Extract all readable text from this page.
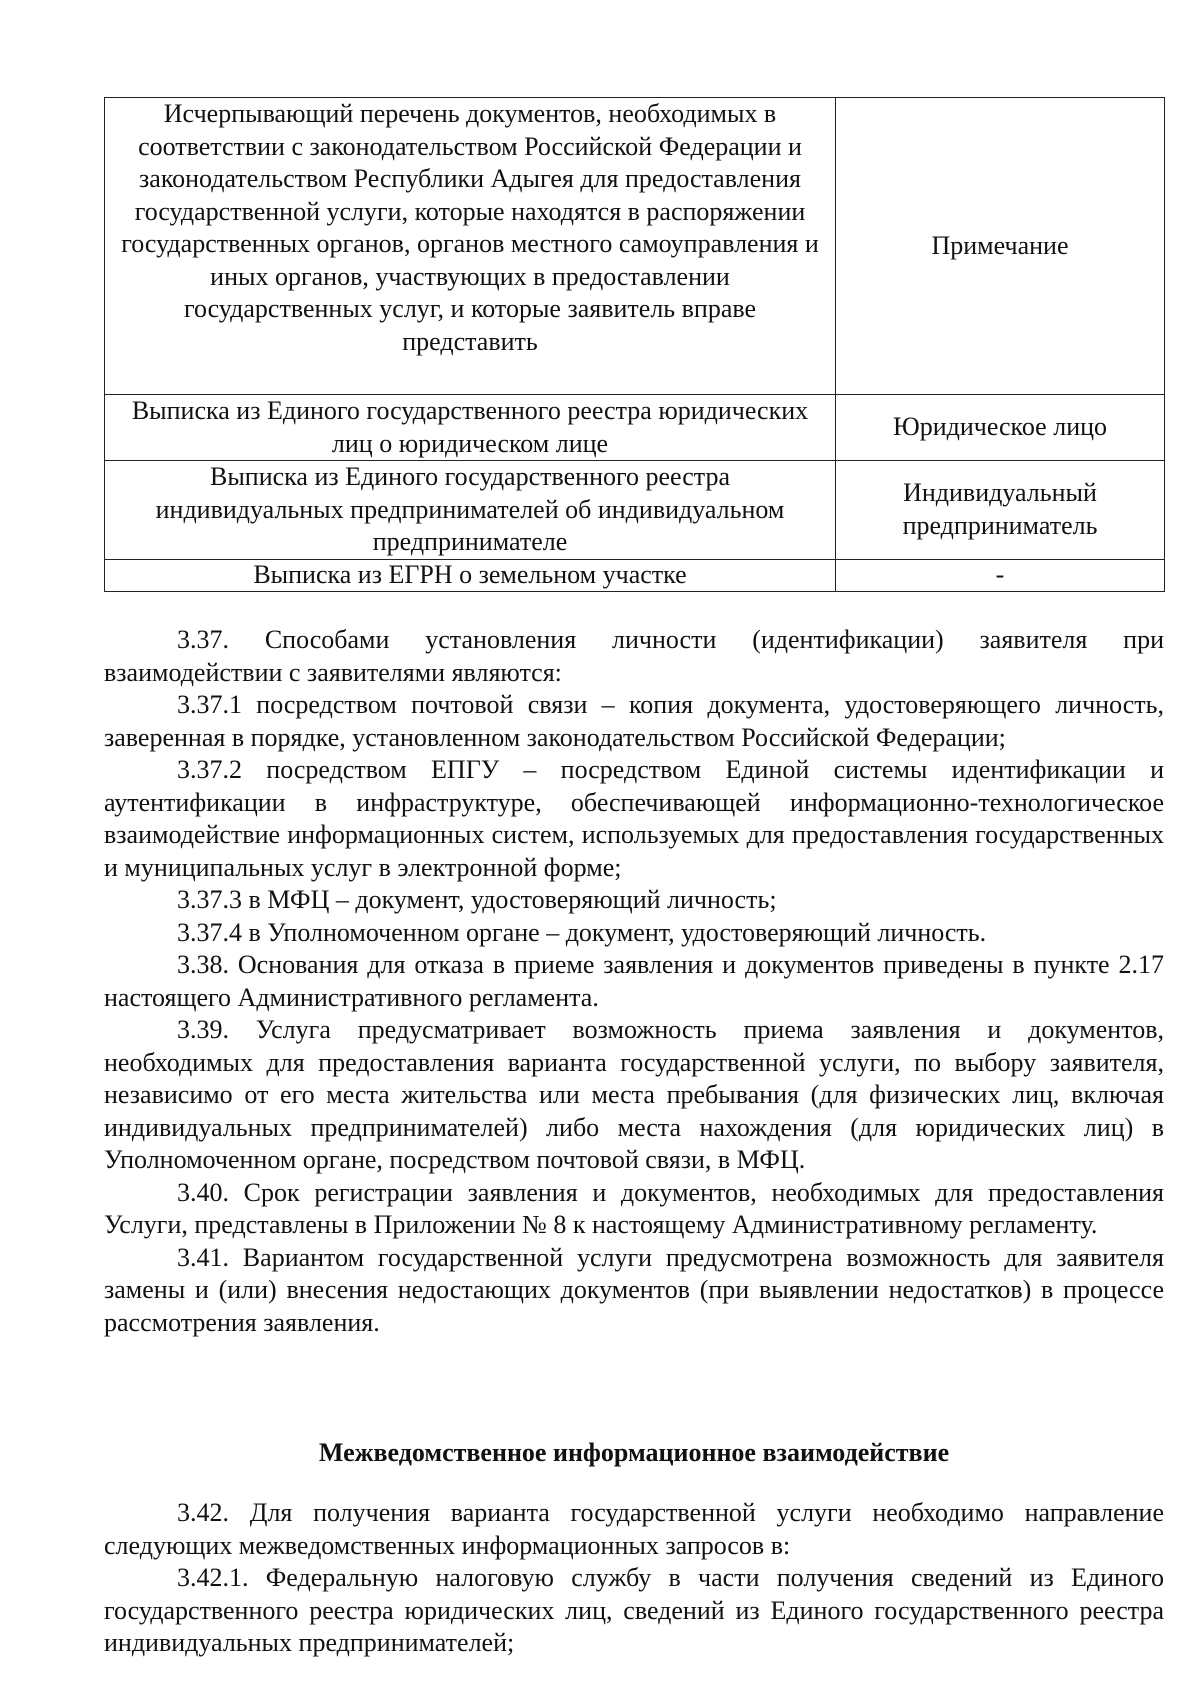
Исчерпывающий перечень документов, необходимых в соответствии с законодательством Российской Федерации и законодательством Республики Адыгея для предоставления государственной услуги, которые находятся в распоряжении государственных органов, органов местного самоуправления и иных органов, участвующих в предоставлении государственных услуг, и которые заявитель вправе представить	Примечание
Выписка из Единого государственного реестра юридических лиц о юридическом лице	Юридическое лицо
Выписка из Единого государственного реестра индивидуальных предпринимателей об индивидуальном предпринимателе	Индивидуальный предприниматель
Выписка из ЕГРН о земельном участке	-

3.37. Способами установления личности (идентификации) заявителя при взаимодействии с заявителями являются:

3.37.1 посредством почтовой связи – копия документа, удостоверяющего личность, заверенная в порядке, установленном законодательством Российской Федерации;

3.37.2 посредством ЕПГУ – посредством Единой системы идентификации и аутентификации в инфраструктуре, обеспечивающей информационно-технологическое взаимодействие информационных систем, используемых для предоставления государственных и муниципальных услуг в электронной форме;

3.37.3 в МФЦ – документ, удостоверяющий личность;

3.37.4 в Уполномоченном органе – документ, удостоверяющий личность.

3.38. Основания для отказа в приеме заявления и документов приведены в пункте 2.17 настоящего Административного регламента.

3.39. Услуга предусматривает возможность приема заявления и документов, необходимых для предоставления варианта государственной услуги, по выбору заявителя, независимо от его места жительства или места пребывания (для физических лиц, включая индивидуальных предпринимателей) либо места нахождения (для юридических лиц) в Уполномоченном органе, посредством почтовой связи, в МФЦ.

3.40. Срок регистрации заявления и документов, необходимых для предоставления Услуги, представлены в Приложении № 8 к настоящему Административному регламенту.

3.41. Вариантом государственной услуги предусмотрена возможность для заявителя замены и (или) внесения недостающих документов (при выявлении недостатков) в процессе рассмотрения заявления.

Межведомственное информационное взаимодействие

3.42. Для получения варианта государственной услуги необходимо направление следующих межведомственных информационных запросов в:

3.42.1. Федеральную налоговую службу в части получения сведений из Единого государственного реестра юридических лиц, сведений из Единого государственного реестра индивидуальных предпринимателей;
